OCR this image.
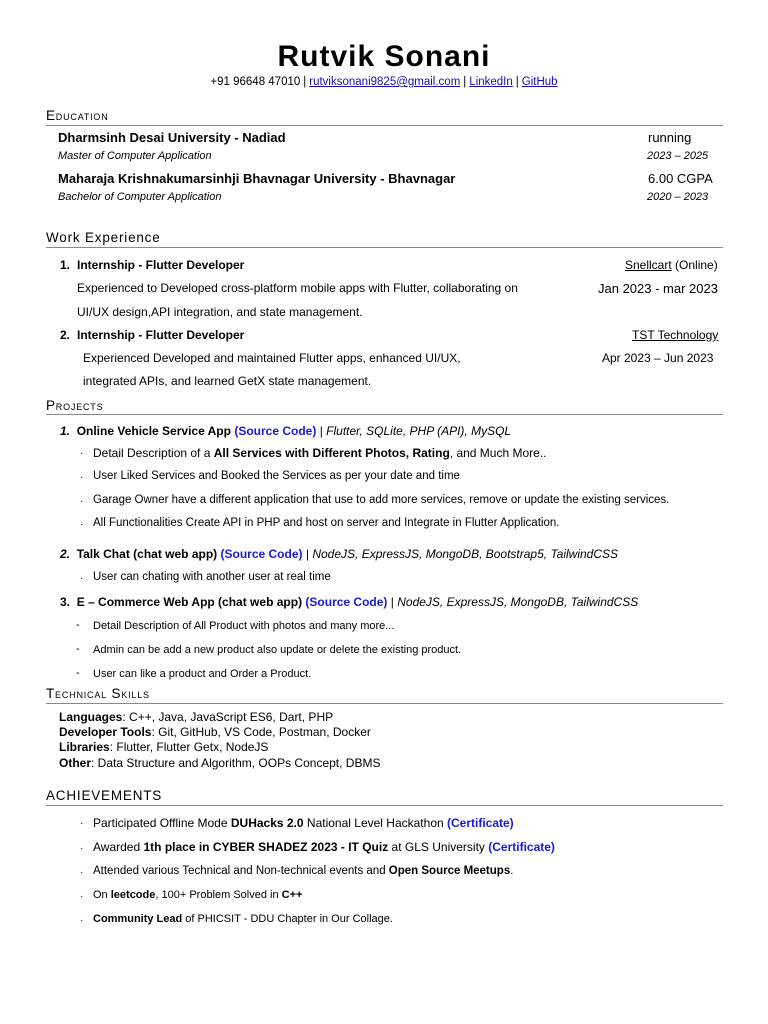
Rutvik Sonani
+91 96648 47010 | rutviksonani9825@gmail.com | LinkedIn | GitHub
Education
Dharmsinh Desai University - Nadiad	running
Master of Computer Application	2023 – 2025
Maharaja Krishnakumarsinhji Bhavnagar University - Bhavnagar	6.00 CGPA
Bachelor of Computer Application	2020 – 2023
Work Experience
1. Internship - Flutter Developer	Snellcart (Online)
Experienced to Developed cross-platform mobile apps with Flutter, collaborating on	Jan 2023 - mar 2023
UI/UX design,API integration, and state management.
2. Internship - Flutter Developer	TST Technology
Experienced Developed and maintained Flutter apps, enhanced UI/UX,	Apr 2023 – Jun 2023
integrated APIs, and learned GetX state management.
Projects
1. Online Vehicle Service App (Source Code) | Flutter, SQLite, PHP (API), MySQL
· Detail Description of a All Services with Different Photos, Rating, and Much More..
· User Liked Services and Booked the Services as per your date and time
· Garage Owner have a different application that use to add more services, remove or update the existing services.
· All Functionalities Create API in PHP and host on server and Integrate in Flutter Application.
2. Talk Chat (chat web app) (Source Code) | NodeJS, ExpressJS, MongoDB, Bootstrap5, TailwindCSS
· User can chating with another user at real time
3. E – Commerce Web App (chat web app) (Source Code) | NodeJS, ExpressJS, MongoDB, TailwindCSS
- Detail Description of All Product with photos and many more...
- Admin can be add a new product also update or delete the existing product.
- User can like a product and Order a Product.
Technical Skills
Languages: C++, Java, JavaScript ES6, Dart, PHP
Developer Tools: Git, GitHub, VS Code, Postman, Docker
Libraries: Flutter, Flutter Getx, NodeJS
Other: Data Structure and Algorithm, OOPs Concept, DBMS
ACHIEVEMENTS
· Participated Offline Mode DUHacks 2.0 National Level Hackathon (Certificate)
· Awarded 1th place in CYBER SHADEZ 2023 - IT Quiz at GLS University (Certificate)
· Attended various Technical and Non-technical events and Open Source Meetups.
· On leetcode, 100+ Problem Solved in C++
· Community Lead of PHICSIT - DDU Chapter in Our Collage.
